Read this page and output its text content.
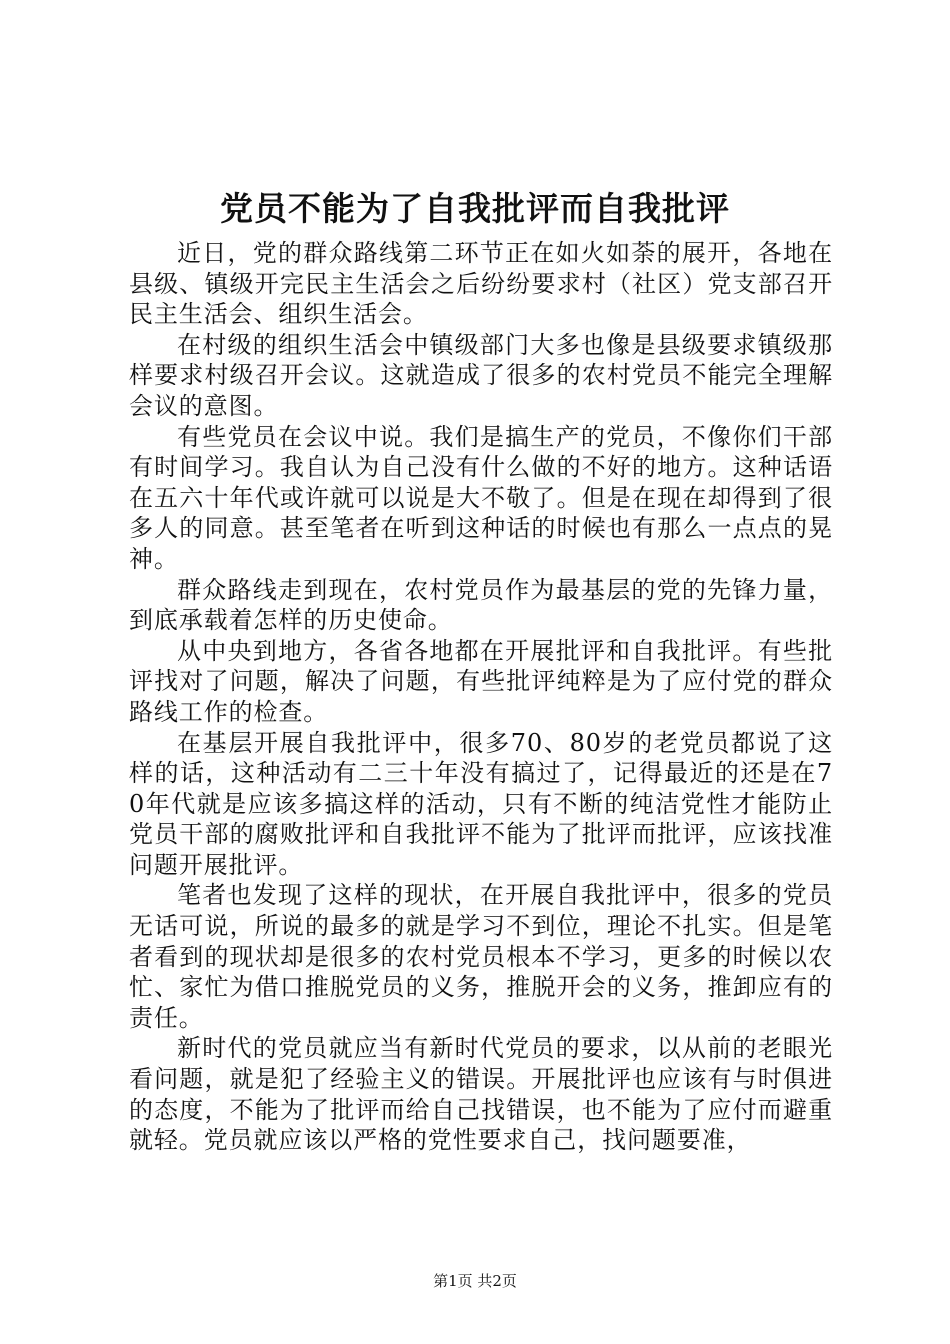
党员不能为了自我批评而自我批评

近日，党的群众路线第二环节正在如火如荼的展开，各地在县级、镇级开完民主生活会之后纷纷要求村（社区）党支部召开民主生活会、组织生活会。

在村级的组织生活会中镇级部门大多也像是县级要求镇级那样要求村级召开会议。这就造成了很多的农村党员不能完全理解会议的意图。

有些党员在会议中说。我们是搞生产的党员，不像你们干部有时间学习。我自认为自己没有什么做的不好的地方。这种话语在五六十年代或许就可以说是大不敬了。但是在现在却得到了很多人的同意。甚至笔者在听到这种话的时候也有那么一点点的晃神。

群众路线走到现在，农村党员作为最基层的党的先锋力量，到底承载着怎样的历史使命。

从中央到地方，各省各地都在开展批评和自我批评。有些批评找对了问题，解决了问题，有些批评纯粹是为了应付党的群众路线工作的检查。

在基层开展自我批评中，很多70、80岁的老党员都说了这样的话，这种活动有二三十年没有搞过了，记得最近的还是在70年代就是应该多搞这样的活动，只有不断的纯洁党性才能防止党员干部的腐败批评和自我批评不能为了批评而批评，应该找准问题开展批评。

笔者也发现了这样的现状，在开展自我批评中，很多的党员无话可说，所说的最多的就是学习不到位，理论不扎实。但是笔者看到的现状却是很多的农村党员根本不学习，更多的时候以农忙、家忙为借口推脱党员的义务，推脱开会的义务，推卸应有的责任。

新时代的党员就应当有新时代党员的要求，以从前的老眼光看问题，就是犯了经验主义的错误。开展批评也应该有与时俱进的态度，不能为了批评而给自己找错误，也不能为了应付而避重就轻。党员就应该以严格的党性要求自己，找问题要准，

第1页 共2页
